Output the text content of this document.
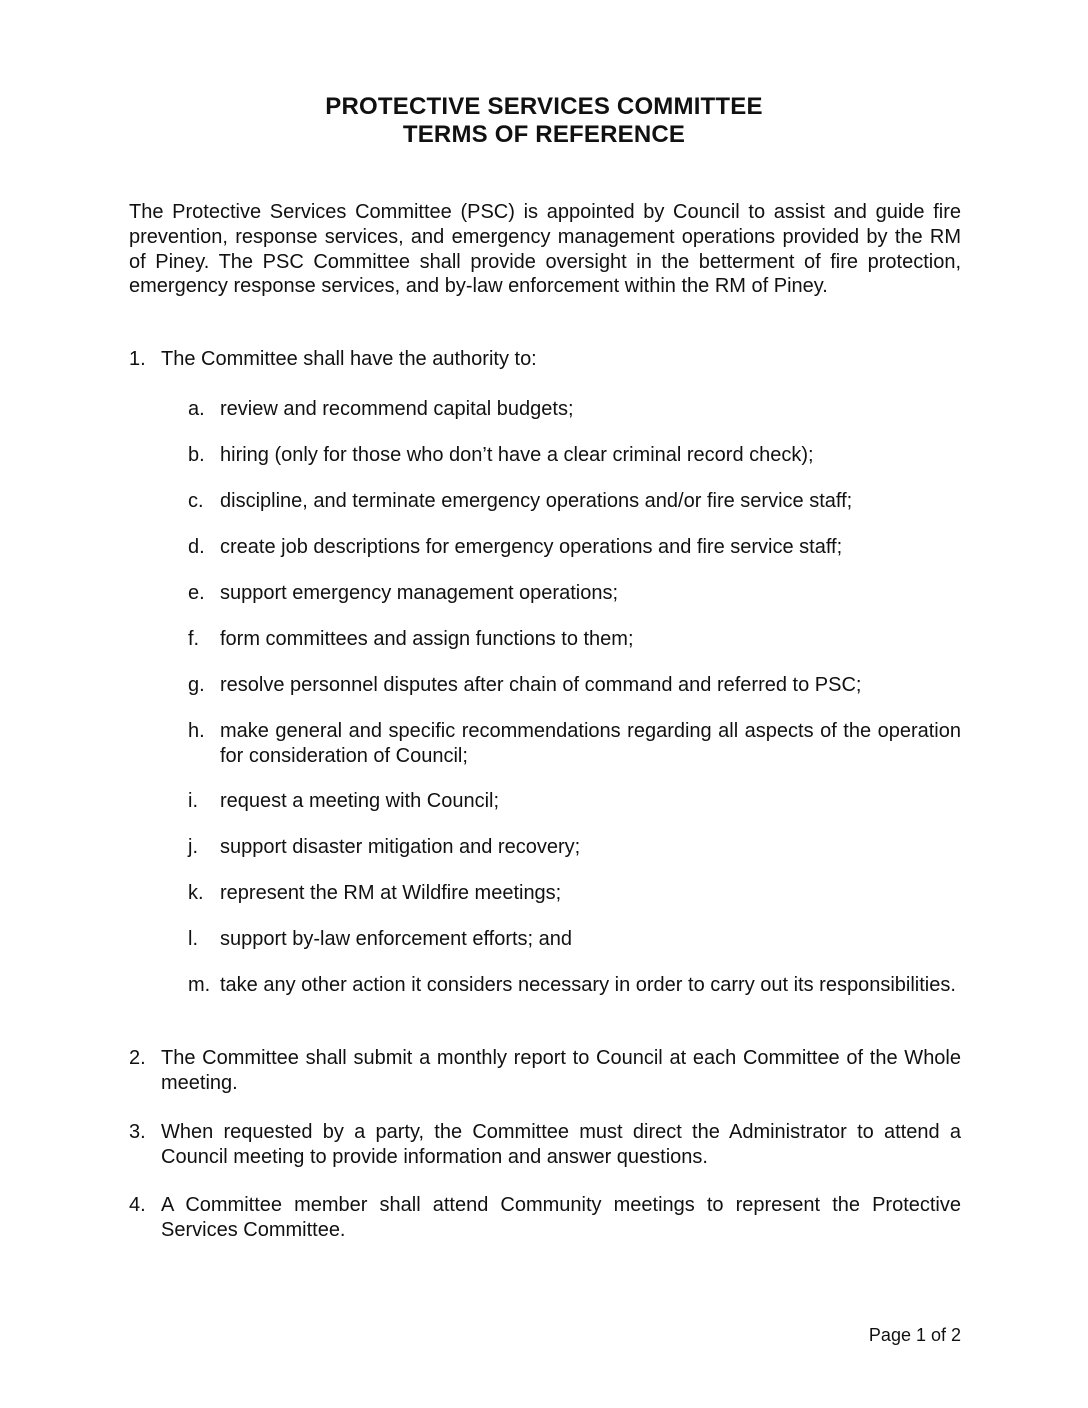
PROTECTIVE SERVICES COMMITTEE
TERMS OF REFERENCE

The Protective Services Committee (PSC) is appointed by Council to assist and guide fire prevention, response services, and emergency management operations provided by the RM of Piney. The PSC Committee shall provide oversight in the betterment of fire protection, emergency response services, and by-law enforcement within the RM of Piney.

1. The Committee shall have the authority to:
a. review and recommend capital budgets;
b. hiring (only for those who don’t have a clear criminal record check);
c. discipline, and terminate emergency operations and/or fire service staff;
d. create job descriptions for emergency operations and fire service staff;
e. support emergency management operations;
f. form committees and assign functions to them;
g. resolve personnel disputes after chain of command and referred to PSC;
h. make general and specific recommendations regarding all aspects of the operation for consideration of Council;
i. request a meeting with Council;
j. support disaster mitigation and recovery;
k. represent the RM at Wildfire meetings;
l. support by-law enforcement efforts; and
m. take any other action it considers necessary in order to carry out its responsibilities.
2. The Committee shall submit a monthly report to Council at each Committee of the Whole meeting.
3. When requested by a party, the Committee must direct the Administrator to attend a Council meeting to provide information and answer questions.
4. A Committee member shall attend Community meetings to represent the Protective Services Committee.
Page 1 of 2
